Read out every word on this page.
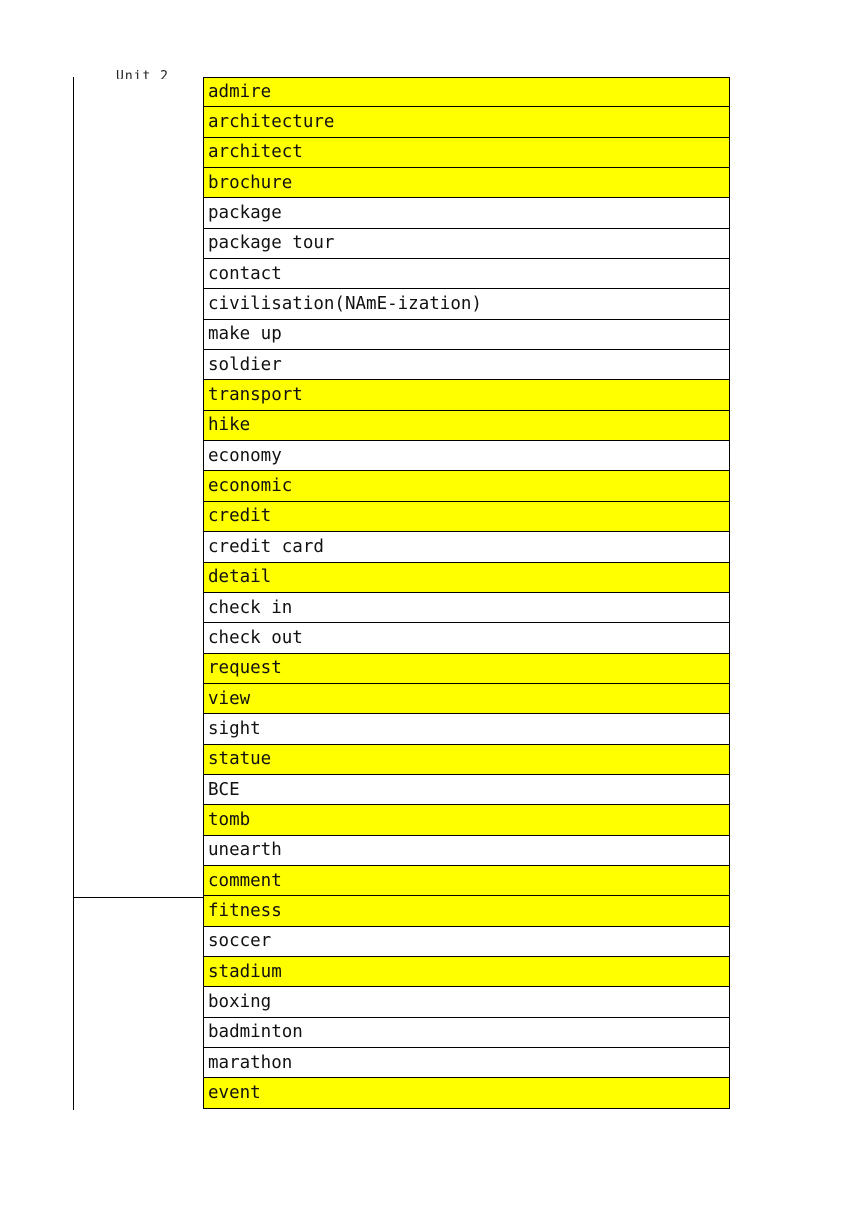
Unit 2
admire
architecture
architect
brochure
package
package tour
contact
civilisation(NAmE-ization)
make up
soldier
transport
hike
economy
economic
credit
credit card
detail
check in
check out
request
view
sight
statue
BCE
tomb
unearth
comment
fitness
soccer
stadium
boxing
badminton
marathon
event
